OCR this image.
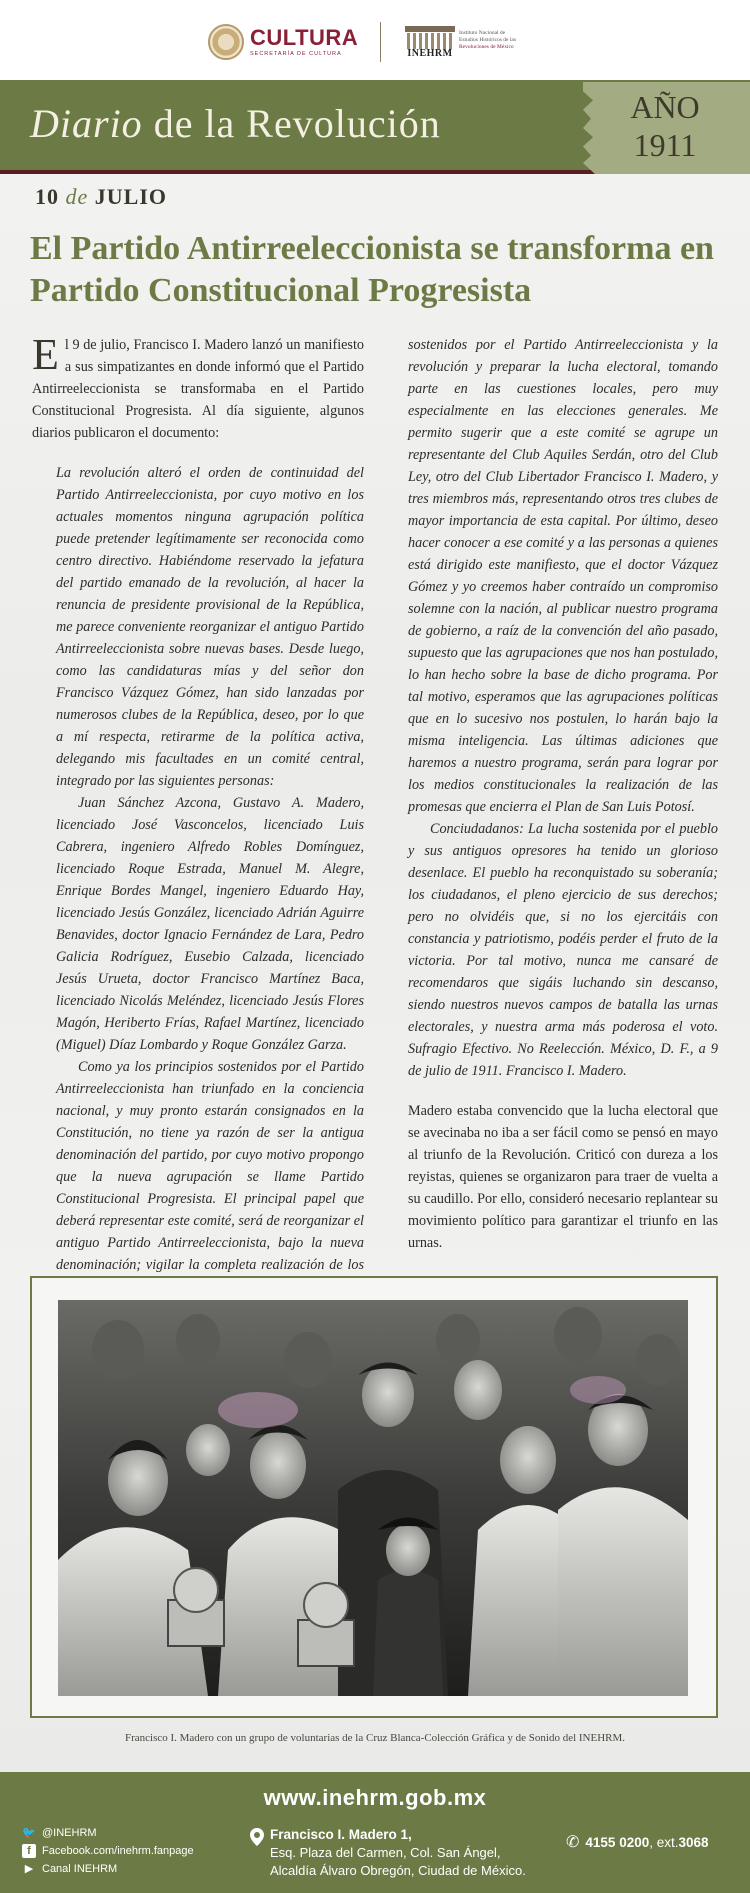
CULTURA
SECRETARÍA DE CULTURA	INEHRM
Instituto Nacional de
Estudios Históricos de las
Revoluciones de México
Diario de la Revolución	AÑO
1911
10 de JULIO
El Partido Antirreeleccionista se transforma en Partido Constitucional Progresista

El 9 de julio, Francisco I. Madero lanzó un manifiesto a sus simpatizantes en donde informó que el Partido Antirreeleccionista se transformaba en el Partido Constitucional Progresista. Al día siguiente, algunos diarios publicaron el documento:

La revolución alteró el orden de continuidad del Partido Antirreeleccionista, por cuyo motivo en los actuales momentos ninguna agrupación política puede pretender legítimamente ser reconocida como centro directivo. Habiéndome reservado la jefatura del partido emanado de la revolución, al hacer la renuncia de presidente provisional de la República, me parece conveniente reorganizar el antiguo Partido Antirreeleccionista sobre nuevas bases. Desde luego, como las candidaturas mías y del señor don Francisco Vázquez Gómez, han sido lanzadas por numerosos clubes de la República, deseo, por lo que a mí respecta, retirarme de la política activa, delegando mis facultades en un comité central, integrado por las siguientes personas:

Juan Sánchez Azcona, Gustavo A. Madero, licenciado José Vasconcelos, licenciado Luis Cabrera, ingeniero Alfredo Robles Domínguez, licenciado Roque Estrada, Manuel M. Alegre, Enrique Bordes Mangel, ingeniero Eduardo Hay, licenciado Jesús González, licenciado Adrián Aguirre Benavides, doctor Ignacio Fernández de Lara, Pedro Galicia Rodríguez, Eusebio Calzada, licenciado Jesús Urueta, doctor Francisco Martínez Baca, licenciado Nicolás Meléndez, licenciado Jesús Flores Magón, Heriberto Frías, Rafael Martínez, licenciado (Miguel) Díaz Lombardo y Roque González Garza.

Como ya los principios sostenidos por el Partido Antirreeleccionista han triunfado en la conciencia nacional, y muy pronto estarán consignados en la Constitución, no tiene ya razón de ser la antigua denominación del partido, por cuyo motivo propongo que la nueva agrupación se llame Partido Constitucional Progresista. El principal papel que deberá representar este comité, será de reorganizar el antiguo Partido Antirreeleccionista, bajo la nueva denominación; vigilar la completa realización de los

sostenidos por el Partido Antirreeleccionista y la revolución y preparar la lucha electoral, tomando parte en las cuestiones locales, pero muy especialmente en las elecciones generales. Me permito sugerir que a este comité se agrupe un representante del Club Aquiles Serdán, otro del Club Ley, otro del Club Libertador Francisco I. Madero, y tres miembros más, representando otros tres clubes de mayor importancia de esta capital. Por último, deseo hacer conocer a ese comité y a las personas a quienes está dirigido este manifiesto, que el doctor Vázquez Gómez y yo creemos haber contraído un compromiso solemne con la nación, al publicar nuestro programa de gobierno, a raíz de la convención del año pasado, supuesto que las agrupaciones que nos han postulado, lo han hecho sobre la base de dicho programa. Por tal motivo, esperamos que las agrupaciones políticas que en lo sucesivo nos postulen, lo harán bajo la misma inteligencia. Las últimas adiciones que haremos a nuestro programa, serán para lograr por los medios constitucionales la realización de las promesas que encierra el Plan de San Luis Potosí.

Conciudadanos: La lucha sostenida por el pueblo y sus antiguos opresores ha tenido un glorioso desenlace. El pueblo ha reconquistado su soberanía; los ciudadanos, el pleno ejercicio de sus derechos; pero no olvidéis que, si no los ejercitáis con constancia y patriotismo, podéis perder el fruto de la victoria. Por tal motivo, nunca me cansaré de recomendaros que sigáis luchando sin descanso, siendo nuestros nuevos campos de batalla las urnas electorales, y nuestra arma más poderosa el voto. Sufragio Efectivo. No Reelección. México, D. F., a 9 de julio de 1911. Francisco I. Madero.

Madero estaba convencido que la lucha electoral que se avecinaba no iba a ser fácil como se pensó en mayo al triunfo de la Revolución. Criticó con dureza a los reyistas, quienes se organizaron para traer de vuelta a su caudillo. Por ello, consideró necesario replantear su movimiento político para garantizar el triunfo en las urnas.

Francisco I. Madero con un grupo de voluntarias de la Cruz Blanca-Colección Gráfica y de Sonido del INEHRM.
www.inehrm.gob.mx
🐦 @INEHRM
f	Facebook.com/inehrm.fanpage
▶ Canal INEHRM
Francisco I. Madero 1,
Esq. Plaza del Carmen, Col. San Ángel,
Alcaldía Álvaro Obregón, Ciudad de México.
✆ 4155 0200 , ext. 3068
